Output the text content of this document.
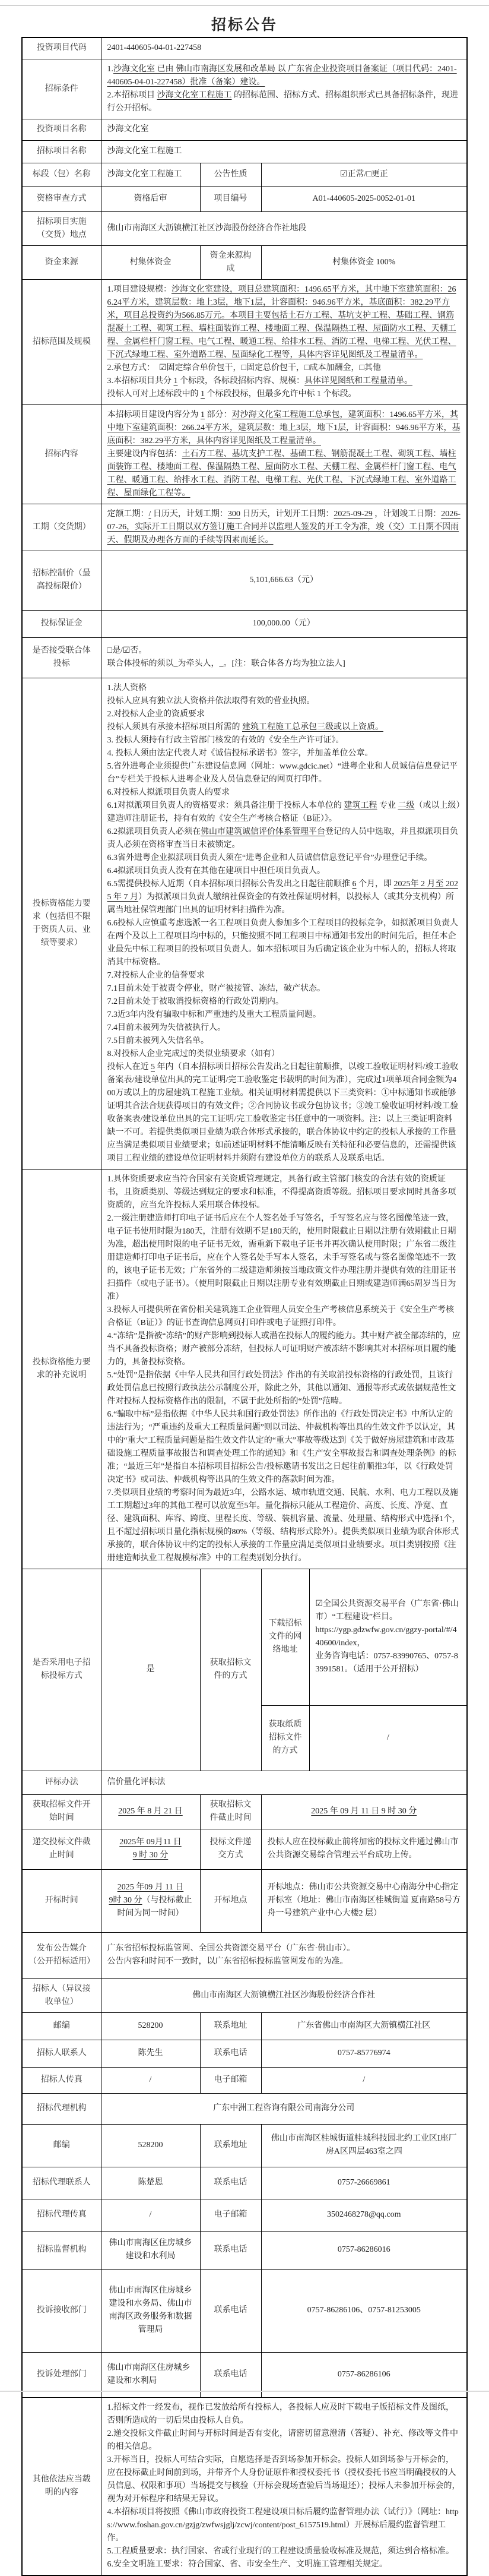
招标公告
投资项目代码	2401-440605-04-01-227458			

招标条件	1.沙海文化室 已由 佛山市南海区发展和改革局 以 广东省企业投资项目备案证（项目代码：2401-440605-04-01-227458）批准（备案）建设。
2.本招标项目 沙海文化室工程施工 的招标范围、招标方式、招标组织形式已具备招标条件，现进行公开招标。			

投资项目名称	沙海文化室			

招标项目名称	沙海文化室工程施工			

标段（包）名称	沙海文化室工程施工	公告性质	☑正常/□更正	

资格审查方式	资格后审	项目编号	A01-440605-2025-0052-01-01	

招标项目实施（交货）地点	佛山市南海区大沥镇横江社区沙海股份经济合作社地段			

资金来源	村集体资金	资金来源构成	村集体资金 100%	

招标范围及规模	1.项目建设规模：沙海文化室建设，项目总建筑面积：1496.65平方米，其中地下室建筑面积：266.24平方米，建筑层数：地上3层，地下1层，计容面积：946.96平方米，基底面积：382.29平方米，项目总投资约为566.85万元。本项目主要包括土石方工程、基坑支护工程、基础工程、钢筋混凝土工程、砌筑工程、墙柱面装饰工程、楼地面工程、保温隔热工程、屋面防水工程、天棚工程、金属栏杆门窗工程、电气工程、暖通工程、给排水工程、消防工程、电梯工程、光伏工程、下沉式绿地工程、室外道路工程、屋面绿化工程等，具体内容详见图纸及工程量清单。
2.承包方式：　☑固定综合单价包干，□固定总价包干，□成本加酬金，□其他
3.本招标项目共分 1 个标段，各标段招标内容、规模：具体详见图纸和工程量清单。
投标人可对上述标段中的 1 个标段投标，但最多允许中标 1 个标段。			

招标内容	本招标项目建设内容分为 1 部分：对沙海文化室工程施工总承包，建筑面积：1496.65平方米，其中地下室建筑面积：266.24平方米，建筑层数：地上3层，地下1层，计容面积：946.96平方米，基底面积：382.29平方米，具体内容详见图纸及工程量清单。
主要建设内容包括：土石方工程、基坑支护工程、基础工程、钢筋混凝土工程、砌筑工程、墙柱面装饰工程、楼地面工程、保温隔热工程、屋面防水工程、天棚工程、金属栏杆门窗工程、电气工程、暖通工程、给排水工程、消防工程、电梯工程、光伏工程、下沉式绿地工程、室外道路工程、屋面绿化工程等。			

工期（交货期）	定额工期：/ 日历天，计划工期：300 日历天，计划开工日期：2025-09-29 ，计划竣工日期：2026-07-26，实际开工日期以双方签订施工合同并以监理人签发的开工令为准，竣（交）工日期不因雨天、假期及办理各方面的手续等因素而延长。			

招标控制价（最高投标限价）	5,101,666.63（元）			

投标保证金	100,000.00（元）			

是否接受联合体投标	□是/☑否。
联合体投标的须以_为牵头人，_。[注：联合体各方均为独立法人]			

投标资格能力要求（包括但不限于资质人员、业绩等要求）	
1.法人资格
投标人应具有独立法人资格并依法取得有效的营业执照。
2.对投标人企业的资质要求
投标人须具有承接本招标项目所需的 建筑工程施工总承包三级或以上资质。
3. 投标人须持有行政主管部门核发的有效的《安全生产许可证》。
4. 投标人须由法定代表人对《诚信投标承诺书》签字，并加盖单位公章。
5.省外进粤企业须提供广东建设信息网（网址：www.gdcic.net）“进粤企业和人员诚信信息登记平台”专栏关于投标人进粤企业及人员信息登记的网页打印件。
6.对投标人拟派项目负责人的要求
6.1对拟派项目负责人的资格要求：须具备注册于投标人本单位的 建筑工程 专业 二级（或以上级）建造师注册证书，持有有效的《安全生产考核合格证（B证）》。
6.2拟派项目负责人必须在佛山市建筑诚信评价体系管理平台登记的人员中选取，并且拟派项目负责人必须在资格审查当日未被锁定。
6.3省外进粤企业拟派项目负责人须在“进粤企业和人员诚信信息登记平台”办理登记手续。
6.4拟派项目负责人没有在其他在建项目中担任项目负责人。
6.5需提供投标人近期（自本招标项目招标公告发出之日起往前顺推 6 个月，即 2025年 2 月至 2025 年 7 月）为拟派项目负责人缴纳社保资金的有效社保证明材料，以投标人（或其分支机构）所属当地社保管理部门出具的证明材料扫描件为准。
6.6投标人应慎重考虑选派一名工程项目负责人参加多个工程项目的投标竞争，如拟派项目负责人在两个及以上工程项目均中标的，只能按照不同工程项目中标通知书发出的时间先后，担任本企业最先中标工程项目的投标项目负责人。如本招标项目为后确定该企业为中标人的，招标人将取消其中标资格。
7.对投标人企业的信誉要求
7.1目前未处于被责令停业，财产被接管、冻结，破产状态。
7.2目前未处于被取消投标资格的行政处罚期内。
7.3近3年内没有骗取中标和严重违约及重大工程质量问题。
7.4目前未被列为失信被执行人。
7.5目前未被列入失信名单。
8.对投标人企业完成过的类似业绩要求（如有）
投标人在近 5 年内（自本招标项目招标公告发出之日起往前顺推，以竣工验收证明材料/竣工验收备案表/建设单位出具的完工证明/完工验收鉴定书载明的时间为准），完成过1项单项合同金额为400万或以上的房屋建筑工程施工业绩。相关证明材料需提供以下三类资料：①中标通知书或能够证明其合法合规获得项目的有效文件；②合同协议书或分包协议书；③竣工验收证明材料/竣工验收备案表/建设单位出具的完工证明/完工验收鉴定书任意中的一项资料。注：以上三类证明资料缺一不可。若提供类似项目业绩为联合体形式承接的，联合体协议中约定的投标人承接的工作量应当满足类似项目业绩要求；如前述证明材料不能清晰反映有关特征和必要信息的，还需提供该项目工程业绩的建设单位证明材料并须附有建设单位方的联系人及联系电话。

投标资格能力要求的补充说明	
1.具体资质要求应当符合国家有关资质管理规定，具备行政主管部门核发的合法有效的资质证书，且资质类别、等级达到规定的要求和标准，不得提高资质等级。招标项目要求同时具备多项资质的，应当允许投标人采用联合体投标。
2.一级注册建造师打印电子证书后应在个人签名处手写签名，手写签名应与签名图像笔迹一致，电子证书使用时限为180天，注册有效期不足180天的，使用时限截止日期以注册有效期截止日期为准，超出使用时限的电子证书无效，需重新下载电子证书并再次确认使用时限；广东省二级注册建造师打印电子证书后，应在个人签名处手写本人签名，未手写签名或与签名图像笔迹不一致的，该电子证书无效；广东省外的二级建造师须按当地政策文件办理注册并提供有效的注册证书扫描件（或电子证书）。（使用时限截止日期以注册专业有效期截止日期或建造师满65周岁当日为准）
3.投标人可提供所在省份相关建筑施工企业管理人员安全生产考核信息系统关于《安全生产考核合格证（B证）》的证书查询信息网页打印件或电子证照打印件。
4.“冻结”是指被“冻结”的财产影响到投标人或潜在投标人的履约能力。其中财产被全部冻结的，应当不具备投标资格；财产被部分冻结，但投标人可证明财产被冻结不影响其对本招标项目履约能力的，具备投标资格。
5.“处罚”是指依据《中华人民共和国行政处罚法》作出的有关取消投标资格的行政处罚，且该行政处罚信息已按照行政执法公示制度公开，除此之外，其他以通知、通报等形式或依据规范性文件对投标人投标资格作出的限制，不属于此处所指的“处罚”范畴。
6.“骗取中标”是指依据《中华人民共和国行政处罚法》所作出的《行政处罚决定书》中所认定的违法行为；“严重违约及重大工程质量问题”则以司法、仲裁机构等出具的生效文件予以认定，其中的“重大”工程质量问题是指生效文件认定的“重大”事故等级达到《关于做好房屋建筑和市政基础设施工程质量事故报告和调查处理工作的通知》和《生产安全事故报告和调查处理条例》的标准；“最近三年”是指自本招标项目招标公告/投标邀请书发出之日起往前顺推3年，以《行政处罚决定书》或司法、仲裁机构等出具的生效文件的落款时间为准。
7.类似项目业绩的考察时间为最近3年，公路水运、城市轨道交通、民航、水利、电力工程以及施工工期超过3年的其他工程可以放宽至5年。量化指标只能从工程造价、高度、长度、净宽、直径、建筑面积、库容、跨度、里程长度、等级、装机容量、流量、处理量、结构形式中选择1个，且不超过招标项目量化指标规模的80%（等级、结构形式除外）。提供类似项目业绩为联合体形式承接的，联合体协议中约定的投标人承接的工作量应满足类似项目业绩要求。项目类别按照《注册建造师执业工程规模标准》中的工程类别划分执行。

是否采用电子招标投标方式	是	获取招标文件的方式	下载招标文件的网络地址	☑全国公共资源交易平台（广东省·佛山市）“工程建设”栏目。
https://ygp.gdzwfw.gov.cn/ggzy-portal/#/440600/index，
业务咨询电话：0757-83990765、0757-83991581。（适用于公开招标）

			获取纸质招标文件的方式	/

评标办法	信价量化评标法			

获取招标文件开始时间	2025 年 8 月 21 日	获取招标文件截止时间	2025 年 09 月 11 日 9 时 30 分	

递交投标文件截止时间	2025年 09月11 日
9 时 30 分	投标文件递交方式	投标人应在投标截止前将加密的投标文件通过佛山市公共资源交易综合管理云平台成功上传。	

开标时间	2025 年09 月 11 日
9时 30 分（与投标截止时间为同一时间）	开标地点	开标地点：佛山市公共资源交易中心南海分中心指定开标室（地址：佛山市南海区桂城街道 夏南路58号方舟一号建筑产业中心大楼2 层）	

发布公告媒介（公开招标适用）	广东省招标投标监管网、全国公共资源交易平台（广东省·佛山市）。
公告内容和时间不一致时，以广东省招标投标监管网发布的为准。			

招标人（异议接收单位）	佛山市南海区大沥镇横江社区沙海股份经济合作社			

邮编	528200	联系地址	广东省佛山市南海区大沥镇横江社区	

招标人联系人	陈先生	联系电话	0757-85776974	

招标人传真	/	电子邮箱	/	

招标代理机构	广东中洲工程咨询有限公司南海分公司			

邮编	528200	联系地址	佛山市南海区桂城街道桂城科技园北约工业区I座厂房A区四层463室之四	

招标代理联系人	陈楚恩	联系电话	0757-26669861	

招标代理传真	/	电子邮箱	3502468278@qq.com	

招标监督机构	佛山市南海区住房城乡建设和水利局	联系电话	0757-86286016	

投诉接收部门	佛山市南海区住房城乡建设和水务局、佛山市南海区政务服务和数据管理局	联系电话	0757-86286106、0757-81253005	

投诉处理部门	佛山市南海区住房城乡建设和水利局	联系电话	0757-86286106	

其他依法应当载明的内容	
1.招标文件一经发布，视作已发放给所有投标人，各投标人应及时下载电子版招标文件及图纸，否则所造成的一切后果由投标人自负。
2.递交投标文件截止时间与开标时间是否有变化，请密切留意澄清（答疑）、补充、修改等文件中的相关信息。
3.开标当日，投标人可结合实际，自愿选择是否到场参加开标会。投标人如到场参与开标会的，应在投标截止时间前到场，并带齐个人身份证原件和授权委托书（授权委托书应当明确授权的人员信息、权限和事项）当场提交与核验（开标会现场查验后当场退还）；投标人未参加开标会的，视为对开标程序和结果无异议。
4.本招标项目将按照《佛山市政府投资工程建设项目标后履约监督管理办法（试行）》（网址：https://www.foshan.gov.cn/gzjg/zwfwsjglj/zcwj/content/post_6157519.html）开展标后履约监督管理工作。
5.工程质量要求：执行国家、省或行业现行的工程建设质量验收标准及规范，须达到合格标准。
6.安全文明施工要求：符合国家、省、市安全生产、文明施工管理相关规定。
